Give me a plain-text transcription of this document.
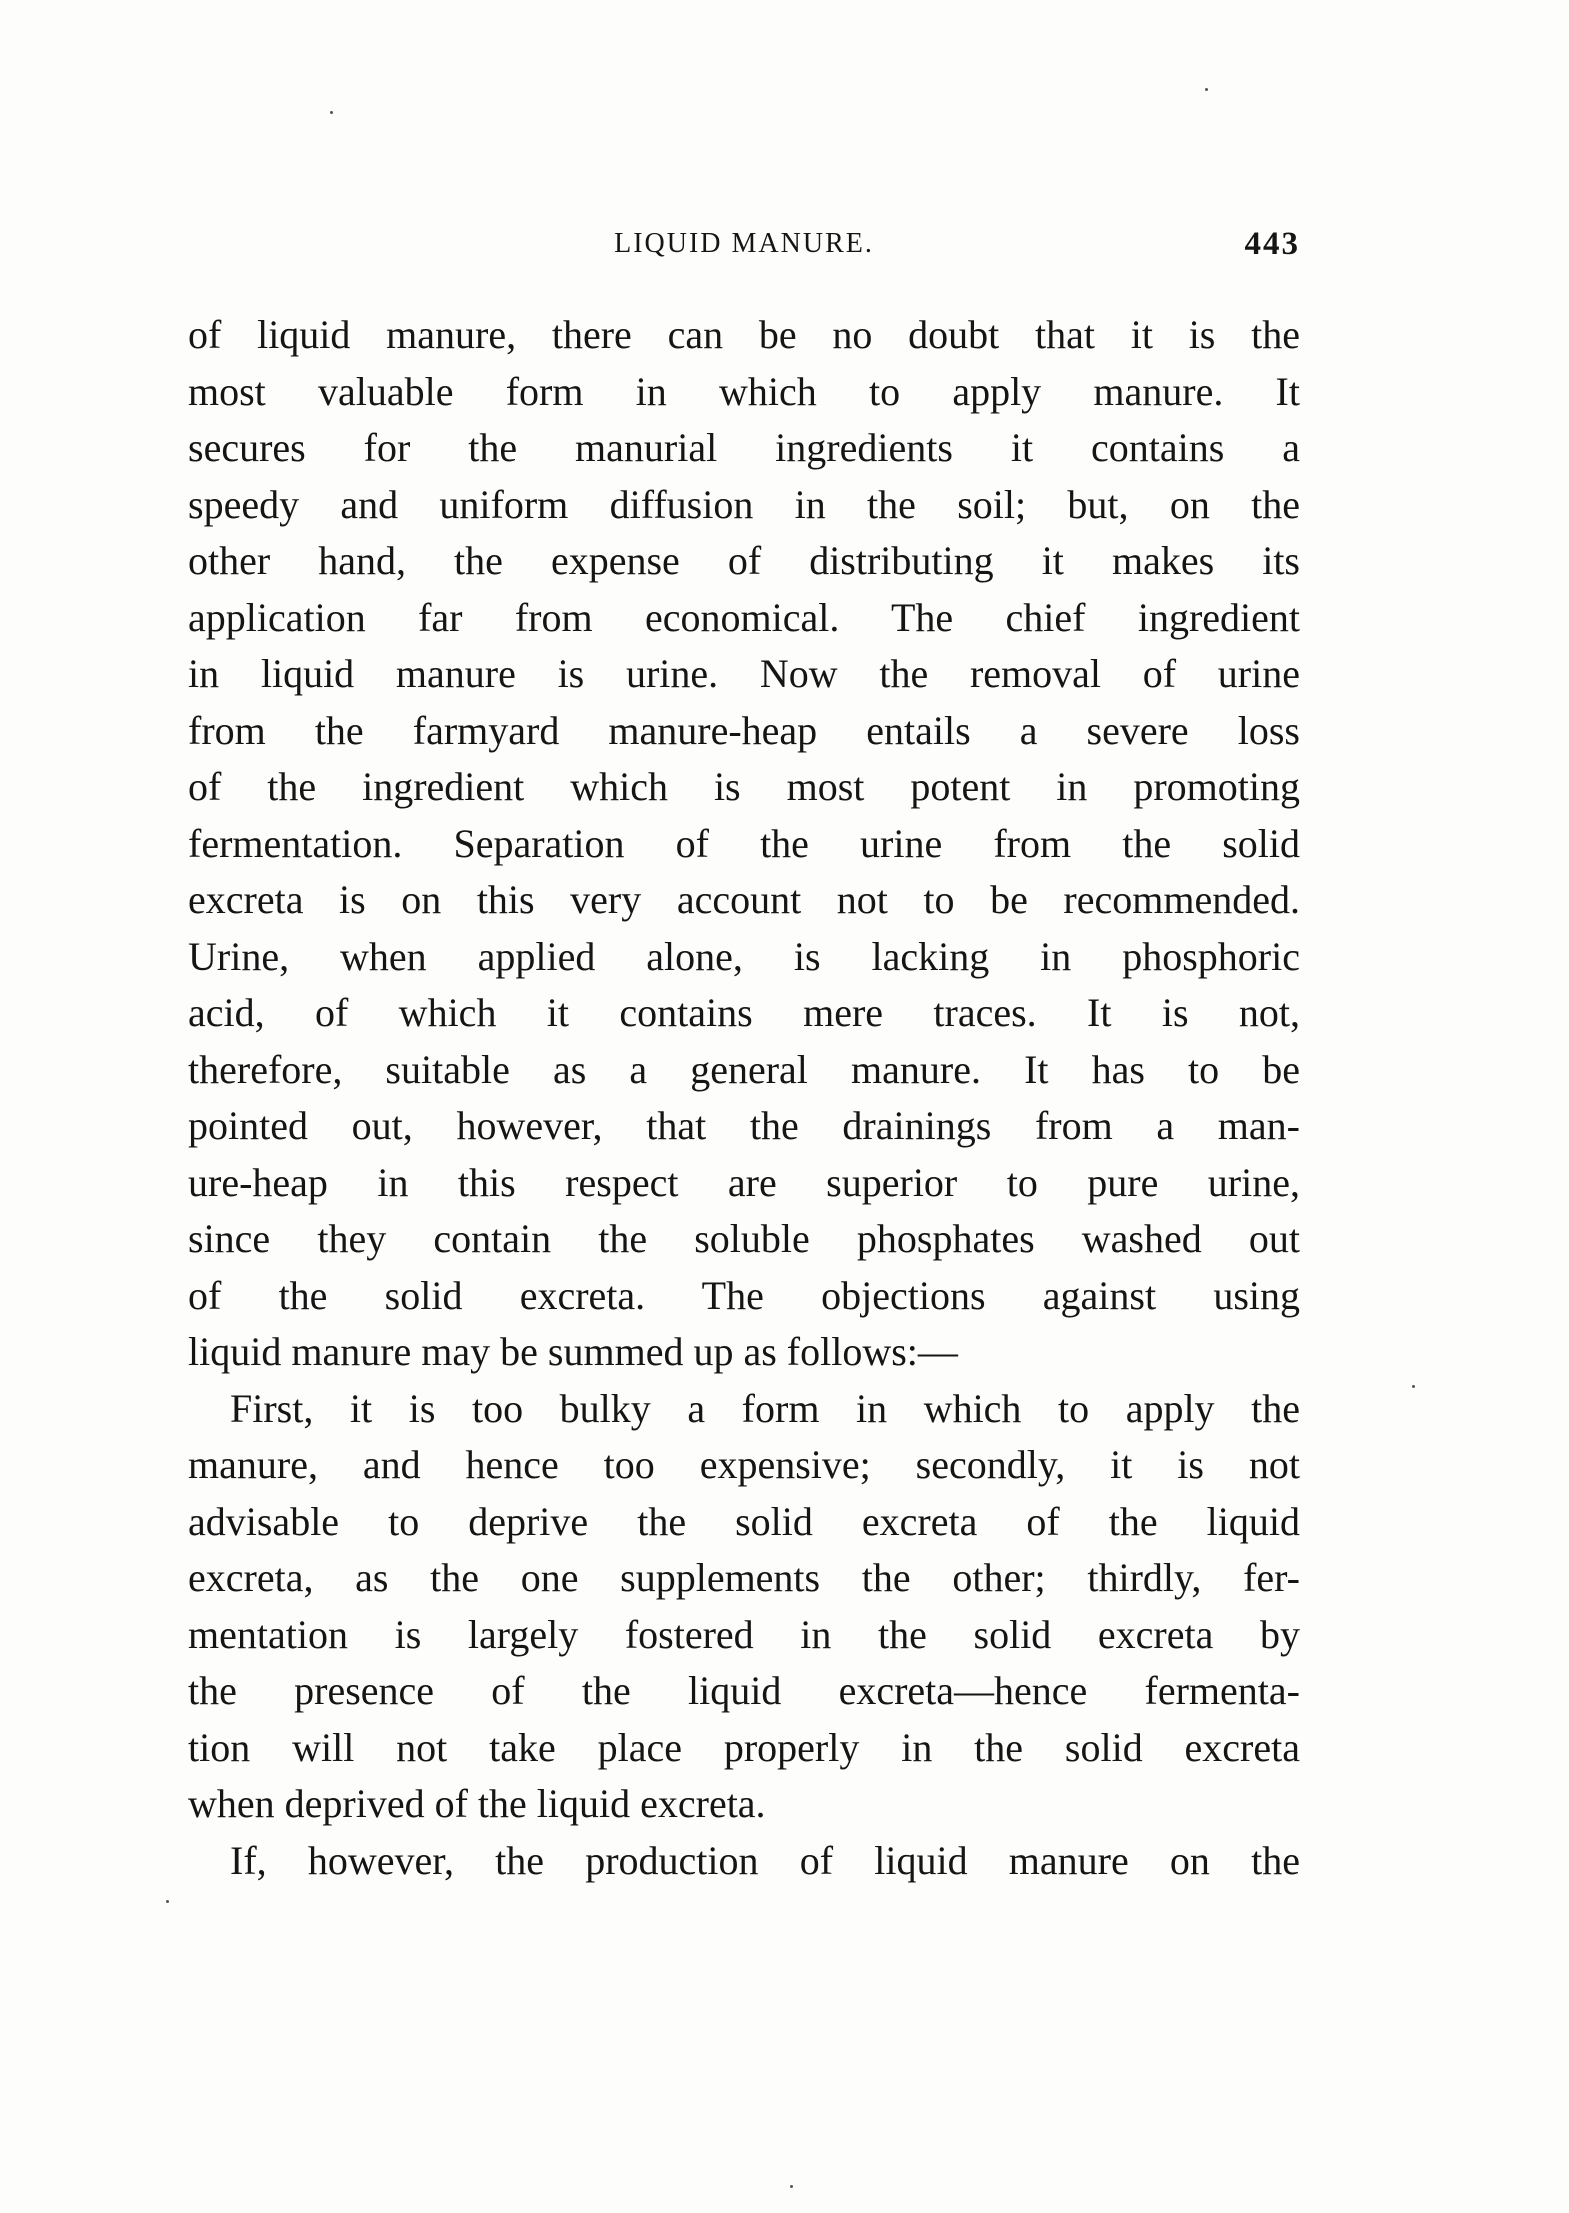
LIQUID MANURE.	443
of liquid manure, there can be no doubt that it is the
most valuable form in which to apply manure. It
secures for the manurial ingredients it contains a
speedy and uniform diffusion in the soil; but, on the
other hand, the expense of distributing it makes its
application far from economical. The chief ingredient
in liquid manure is urine. Now the removal of urine
from the farmyard manure-heap entails a severe loss
of the ingredient which is most potent in promoting
fermentation. Separation of the urine from the solid
excreta is on this very account not to be recommended.
Urine, when applied alone, is lacking in phosphoric
acid, of which it contains mere traces. It is not,
therefore, suitable as a general manure. It has to be
pointed out, however, that the drainings from a man-
ure-heap in this respect are superior to pure urine,
since they contain the soluble phosphates washed out
of the solid excreta. The objections against using
liquid manure may be summed up as follows:—
First, it is too bulky a form in which to apply the
manure, and hence too expensive; secondly, it is not
advisable to deprive the solid excreta of the liquid
excreta, as the one supplements the other; thirdly, fer-
mentation is largely fostered in the solid excreta by
the presence of the liquid excreta—hence fermenta-
tion will not take place properly in the solid excreta
when deprived of the liquid excreta.
If, however, the production of liquid manure on the
